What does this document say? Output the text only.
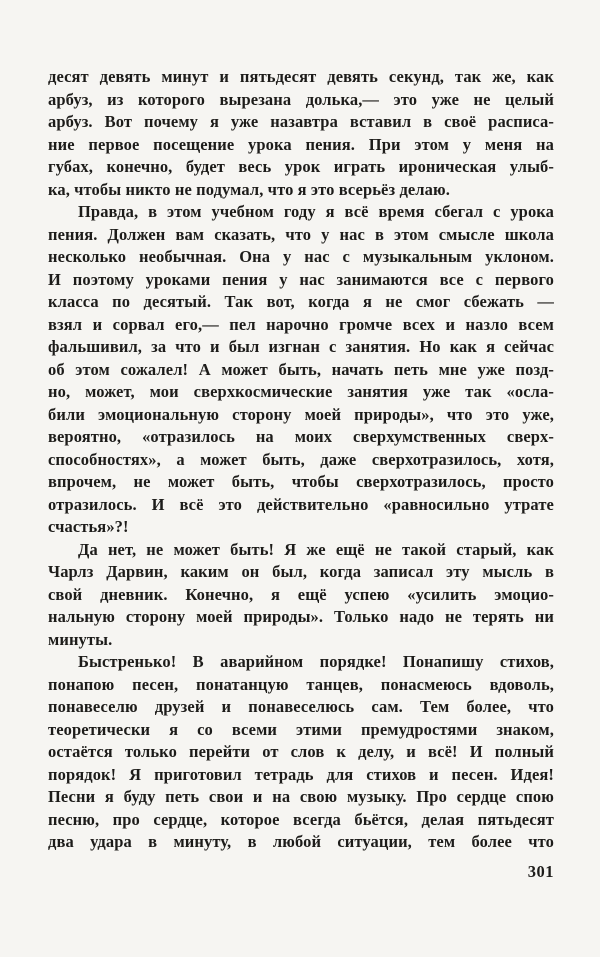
десят девять минут и пятьдесят девять секунд, так же, как
арбуз, из которого вырезана долька,— это уже не целый
арбуз. Вот почему я уже назавтра вставил в своё расписа-
ние первое посещение урока пения. При этом у меня на
губах, конечно, будет весь урок играть ироническая улыб-
ка, чтобы никто не подумал, что я это всерьёз делаю.
Правда, в этом учебном году я всё время сбегал с урока
пения. Должен вам сказать, что у нас в этом смысле школа
несколько необычная. Она у нас с музыкальным уклоном.
И поэтому уроками пения у нас занимаются все с первого
класса по десятый. Так вот, когда я не смог сбежать —
взял и сорвал его,— пел нарочно громче всех и назло всем
фальшивил, за что и был изгнан с занятия. Но как я сейчас
об этом сожалел! А может быть, начать петь мне уже позд-
но, может, мои сверхкосмические занятия уже так «осла-
били эмоциональную сторону моей природы», что это уже,
вероятно, «отразилось на моих сверхумственных сверх-
способностях», а может быть, даже сверхотразилось, хотя,
впрочем, не может быть, чтобы сверхотразилось, просто
отразилось. И всё это действительно «равносильно утрате
счастья»?!
Да нет, не может быть! Я же ещё не такой старый, как
Чарлз Дарвин, каким он был, когда записал эту мысль в
свой дневник. Конечно, я ещё успею «усилить эмоцио-
нальную сторону моей природы». Только надо не терять ни
минуты.
Быстренько! В аварийном порядке! Понапишу стихов,
понапою песен, понатанцую танцев, понасмеюсь вдоволь,
понавеселю друзей и понавеселюсь сам. Тем более, что
теоретически я со всеми этими премудростями знаком,
остаётся только перейти от слов к делу, и всё! И полный
порядок! Я приготовил тетрадь для стихов и песен. Идея!
Песни я буду петь свои и на свою музыку. Про сердце спою
песню, про сердце, которое всегда бьётся, делая пятьдесят
два удара в минуту, в любой ситуации, тем более что
301
